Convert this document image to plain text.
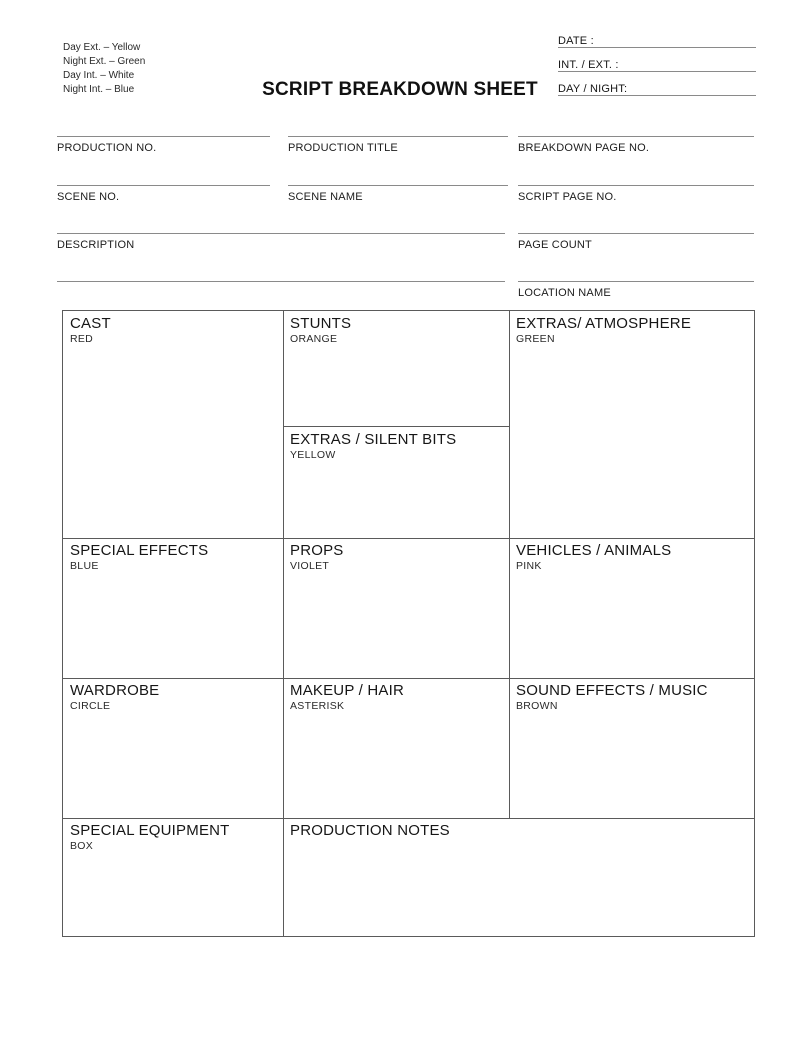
Day Ext. – Yellow
Night Ext. – Green
Day Int. – White
Night Int. – Blue	SCRIPT BREAKDOWN SHEET
DATE :
INT. / EXT. :
DAY / NIGHT:
PRODUCTION NO.	PRODUCTION TITLE	BREAKDOWN PAGE NO.
SCENE NO.	SCENE NAME	SCRIPT PAGE NO.
DESCRIPTION	PAGE COUNT
LOCATION NAME
CAST
RED
STUNTS
ORANGE
EXTRAS/ ATMOSPHERE
GREEN
EXTRAS / SILENT BITS
YELLOW
SPECIAL EFFECTS
BLUE
PROPS
VIOLET
VEHICLES / ANIMALS
PINK
WARDROBE
CIRCLE
MAKEUP / HAIR
ASTERISK
SOUND EFFECTS / MUSIC
BROWN
SPECIAL EQUIPMENT
BOX
PRODUCTION NOTES
